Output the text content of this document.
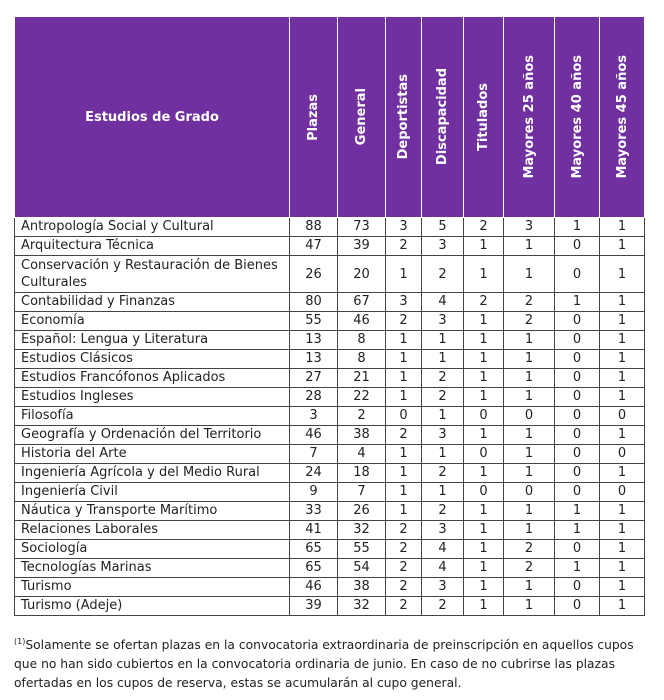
Estudios de Grado	Plazas	General	Deportistas	Discapacidad	Titulados	Mayores 25 años	Mayores 40 años	Mayores 45 años

Antropología Social y Cultural	88	73	3	5	2	3	1	1
Arquitectura Técnica	47	39	2	3	1	1	0	1
Conservación y Restauración de Bienes Culturales	26	20	1	2	1	1	0	1
Contabilidad y Finanzas	80	67	3	4	2	2	1	1
Economía	55	46	2	3	1	2	0	1
Español: Lengua y Literatura	13	8	1	1	1	1	0	1
Estudios Clásicos	13	8	1	1	1	1	0	1
Estudios Francófonos Aplicados	27	21	1	2	1	1	0	1
Estudios Ingleses	28	22	1	2	1	1	0	1
Filosofía	3	2	0	1	0	0	0	0
Geografía y Ordenación del Territorio	46	38	2	3	1	1	0	1
Historia del Arte	7	4	1	1	0	1	0	0
Ingeniería Agrícola y del Medio Rural	24	18	1	2	1	1	0	1
Ingeniería Civil	9	7	1	1	0	0	0	0
Náutica y Transporte Marítimo	33	26	1	2	1	1	1	1
Relaciones Laborales	41	32	2	3	1	1	1	1
Sociología	65	55	2	4	1	2	0	1
Tecnologías Marinas	65	54	2	4	1	2	1	1
Turismo	46	38	2	3	1	1	0	1
Turismo (Adeje)	39	32	2	2	1	1	0	1
$^{(1)}$Solamente se ofertan plazas en la convocatoria extraordinaria de preinscripción en aquellos cupos que no han sido cubiertos en la convocatoria ordinaria de junio. En caso de no cubrirse las plazas ofertadas en los cupos de reserva, estas se acumularán al cupo general.
